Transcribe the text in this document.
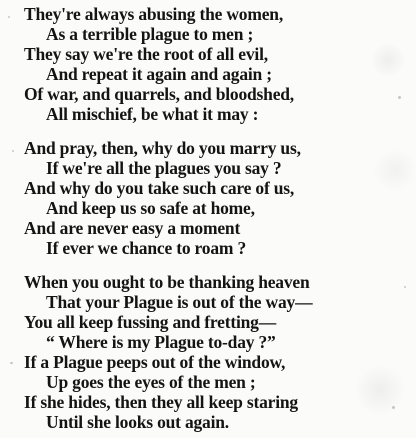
They're always abusing the women,
As a terrible plague to men ;
They say we're the root of all evil,
And repeat it again and again ;
Of war, and quarrels, and bloodshed,
All mischief, be what it may :
And pray, then, why do you marry us,
If we're all the plagues you say ?
And why do you take such care of us,
And keep us so safe at home,
And are never easy a moment
If ever we chance to roam ?
When you ought to be thanking heaven
That your Plague is out of the way—
You all keep fussing and fretting—
“ Where is my Plague to-day ?”
If a Plague peeps out of the window,
Up goes the eyes of the men ;
If she hides, then they all keep staring
Until she looks out again.
